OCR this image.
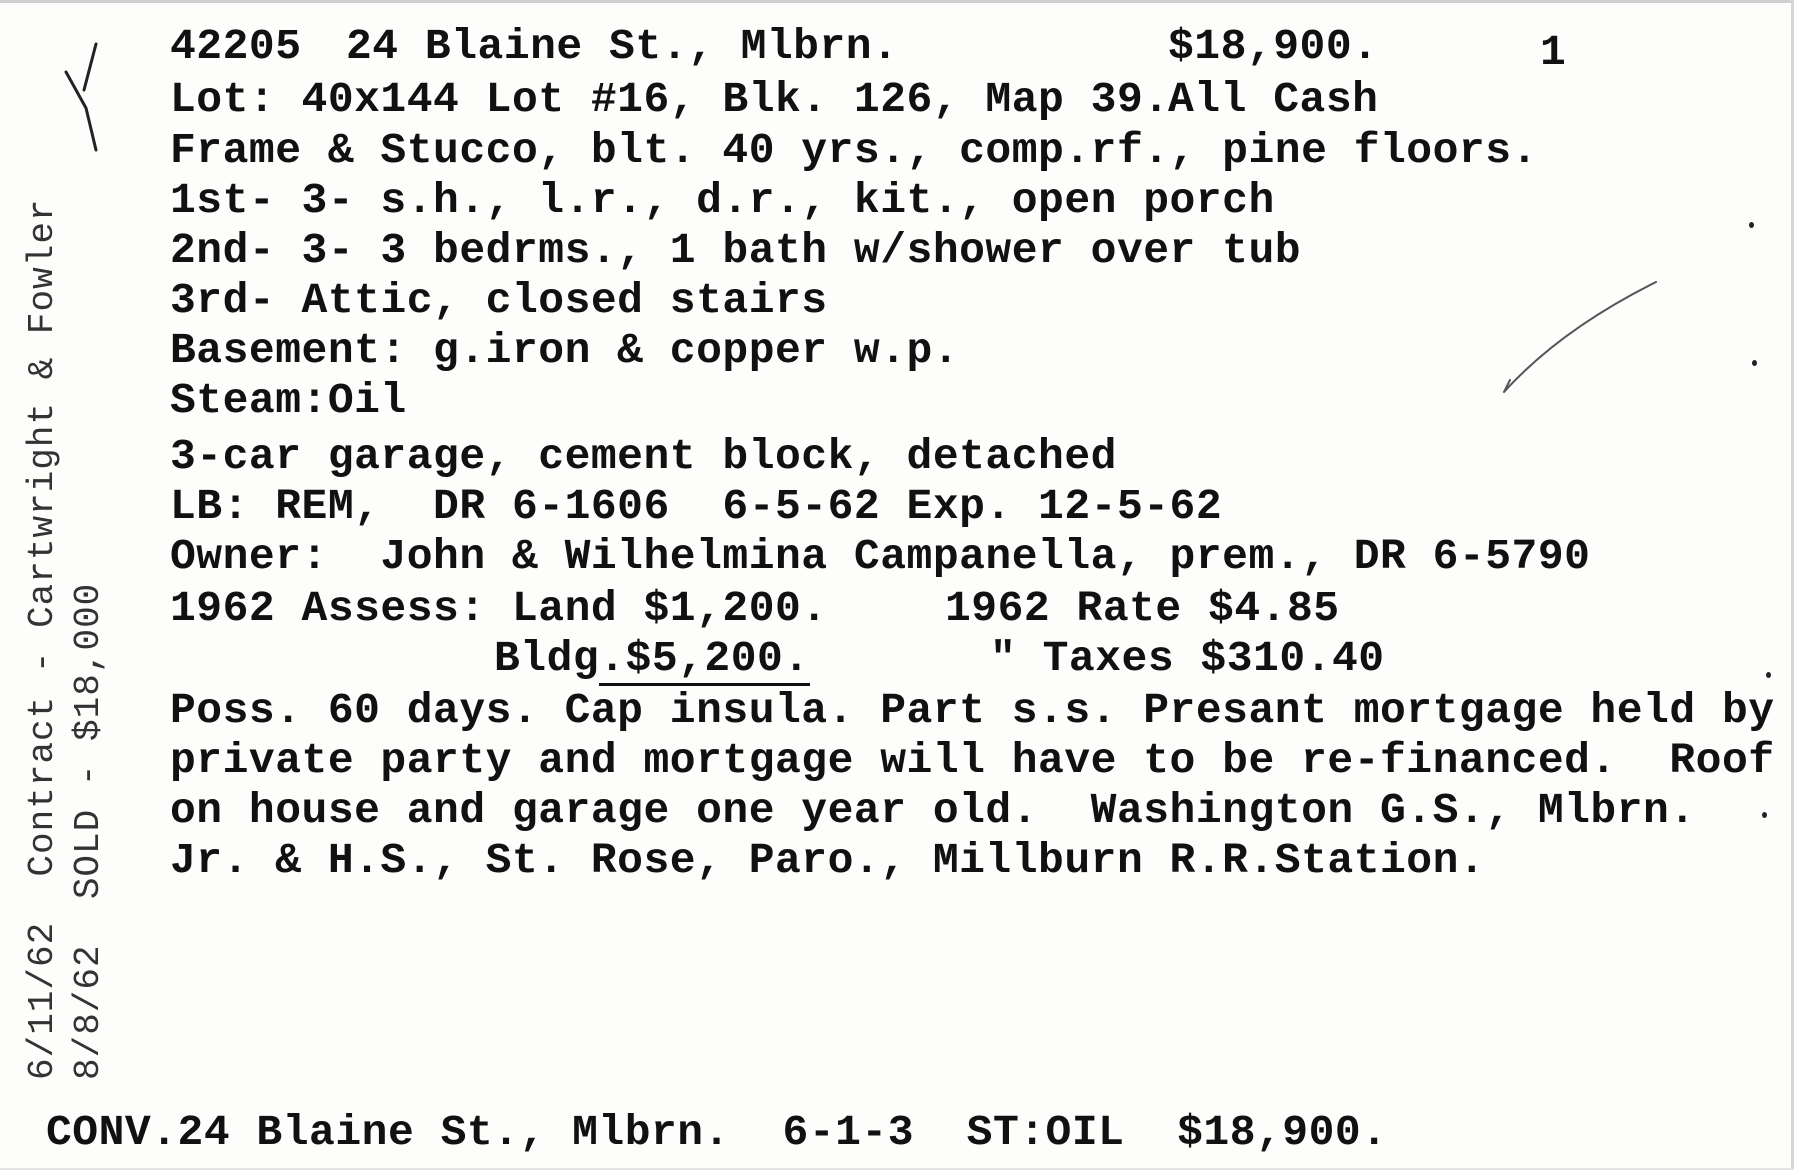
42205 24 Blaine St., Mlbrn.	$18,900.	1
Lot: 40x144 Lot #16, Blk. 126, Map 39.
All Cash
Frame & Stucco, blt. 40 yrs., comp.rf., pine floors.
1st- 3- s.h., l.r., d.r., kit., open porch
2nd- 3- 3 bedrms., 1 bath w/shower over tub
3rd- Attic, closed stairs
Basement: g.iron & copper w.p.
Steam:Oil
3-car garage, cement block, detached
LB: REM,  DR 6-1606  6-5-62 Exp. 12-5-62
Owner:  John & Wilhelmina Campanella, prem., DR 6-5790
1962 Assess: Land $1,200.	1962 Rate $4.85
Bldg.$5,200.	" Taxes $310.40
Poss. 60 days. Cap insula. Part s.s. Presant mortgage held by
private party and mortgage will have to be re-financed.  Roof
on house and garage one year old.  Washington G.S., Mlbrn.
Jr. & H.S., St. Rose, Paro., Millburn R.R.Station.
6/11/62  Contract - Cartwright & Fowler 8/8/62  SOLD - $18,000
CONV.24 Blaine St., Mlbrn.  6-1-3  ST:OIL  $18,900.
